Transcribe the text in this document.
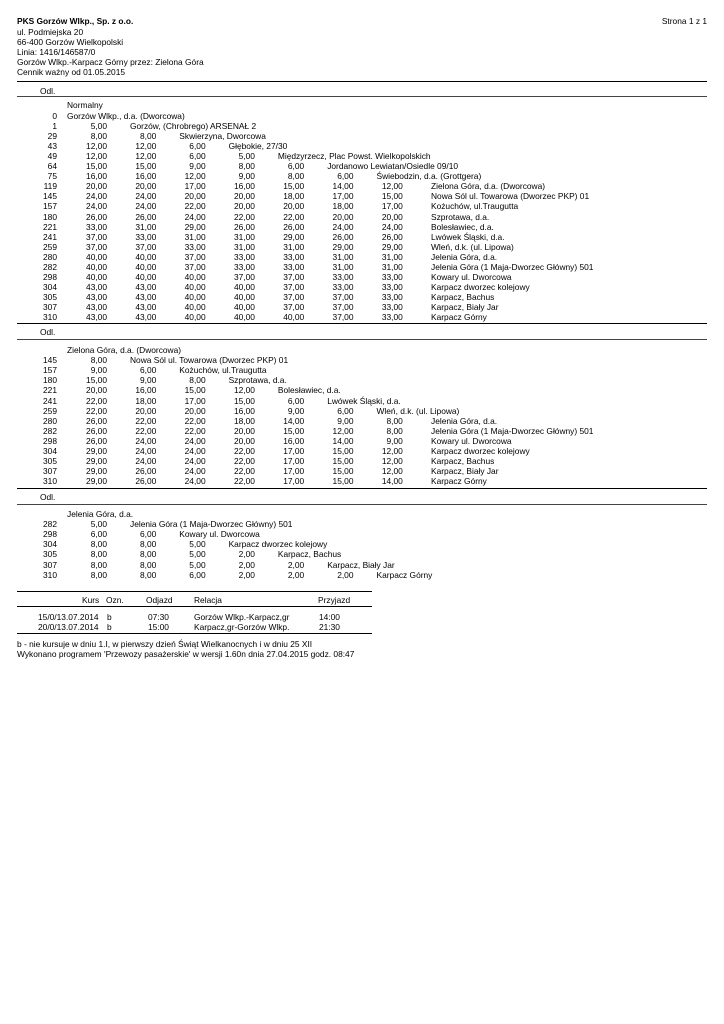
PKS Gorzów Wlkp., Sp. z o.o.	Strona 1 z 1
ul. Podmiejska 20
66-400 Gorzów Wielkopolski
Linia: 1416/146587/0
Gorzów Wlkp.-Karpacz Górny przez: Zielona Góra
Cennik ważny od 01.05.2015
Odl.
Normalny
0 Gorzów Wlkp., d.a. (Dworcowa)
1	5,00	Gorzów, (Chrobrego) ARSENAŁ 2
29	8,00	8,00	Skwierzyna, Dworcowa
43	12,00	12,00	6,00	Głębokie, 27/30
49	12,00	12,00	6,00	5,00	Międzyrzecz, Plac Powst. Wielkopolskich
64	15,00	15,00	9,00	8,00	6,00	Jordanowo Lewiatan/Osiedle 09/10
75	16,00	16,00	12,00	9,00	8,00	6,00	Świebodzin, d.a. (Grottgera)
119	20,00	20,00	17,00	16,00	15,00	14,00	12,00	Zielona Góra, d.a. (Dworcowa)
145	24,00	24,00	20,00	20,00	18,00	17,00	15,00	Nowa Sól ul. Towarowa (Dworzec PKP) 01
157	24,00	24,00	22,00	20,00	20,00	18,00	17,00	Kożuchów, ul.Traugutta
180	26,00	26,00	24,00	22,00	22,00	20,00	20,00	Szprotawa, d.a.
221	33,00	31,00	29,00	26,00	26,00	24,00	24,00	Bolesławiec, d.a.
241	37,00	33,00	31,00	31,00	29,00	26,00	26,00	Lwówek Śląski, d.a.
259	37,00	37,00	33,00	31,00	31,00	29,00	29,00	Wleń, d.k. (ul. Lipowa)
280	40,00	40,00	37,00	33,00	33,00	31,00	31,00	Jelenia Góra, d.a.
282	40,00	40,00	37,00	33,00	33,00	31,00	31,00	Jelenia Góra (1 Maja-Dworzec Główny) 501
298	40,00	40,00	40,00	37,00	37,00	33,00	33,00	Kowary ul. Dworcowa
304	43,00	43,00	40,00	40,00	37,00	33,00	33,00	Karpacz dworzec kolejowy
305	43,00	43,00	40,00	40,00	37,00	37,00	33,00	Karpacz, Bachus
307	43,00	43,00	40,00	40,00	37,00	37,00	33,00	Karpacz, Biały Jar
310	43,00	43,00	40,00	40,00	40,00	37,00	33,00	Karpacz Górny
Odl.
Zielona Góra, d.a. (Dworcowa)
145	8,00	Nowa Sól ul. Towarowa (Dworzec PKP) 01
157	9,00	6,00	Kożuchów, ul.Traugutta
180	15,00	9,00	8,00	Szprotawa, d.a.
221	20,00	16,00	15,00	12,00	Bolesławiec, d.a.
241	22,00	18,00	17,00	15,00	6,00	Lwówek Śląski, d.a.
259	22,00	20,00	20,00	16,00	9,00	6,00	Wleń, d.k. (ul. Lipowa)
280	26,00	22,00	22,00	18,00	14,00	9,00	8,00	Jelenia Góra, d.a.
282	26,00	22,00	22,00	20,00	15,00	12,00	8,00	Jelenia Góra (1 Maja-Dworzec Główny) 501
298	26,00	24,00	24,00	20,00	16,00	14,00	9,00	Kowary ul. Dworcowa
304	29,00	24,00	24,00	22,00	17,00	15,00	12,00	Karpacz dworzec kolejowy
305	29,00	24,00	24,00	22,00	17,00	15,00	12,00	Karpacz, Bachus
307	29,00	26,00	24,00	22,00	17,00	15,00	12,00	Karpacz, Biały Jar
310	29,00	26,00	24,00	22,00	17,00	15,00	14,00	Karpacz Górny
Odl.
Jelenia Góra, d.a.
282	5,00	Jelenia Góra (1 Maja-Dworzec Główny) 501
298	6,00	6,00	Kowary ul. Dworcowa
304	8,00	8,00	5,00	Karpacz dworzec kolejowy
305	8,00	8,00	5,00	2,00	Karpacz, Bachus
307	8,00	8,00	5,00	2,00	2,00	Karpacz, Biały Jar
310	8,00	8,00	6,00	2,00	2,00	2,00	Karpacz Górny
Kurs Ozn.	Odjazd	Relacja	Przyjazd
15/0/13.07.2014 b	07:30	Gorzów Wlkp.-Karpacz,gr	14:00
20/0/13.07.2014 b	15:00	Karpacz,gr-Gorzów Wlkp.	21:30
b - nie kursuje w dniu 1.I, w pierwszy dzień Świąt Wielkanocnych i w dniu 25 XII
Wykonano programem 'Przewozy pasażerskie' w wersji 1.60n dnia 27.04.2015 godz. 08:47
